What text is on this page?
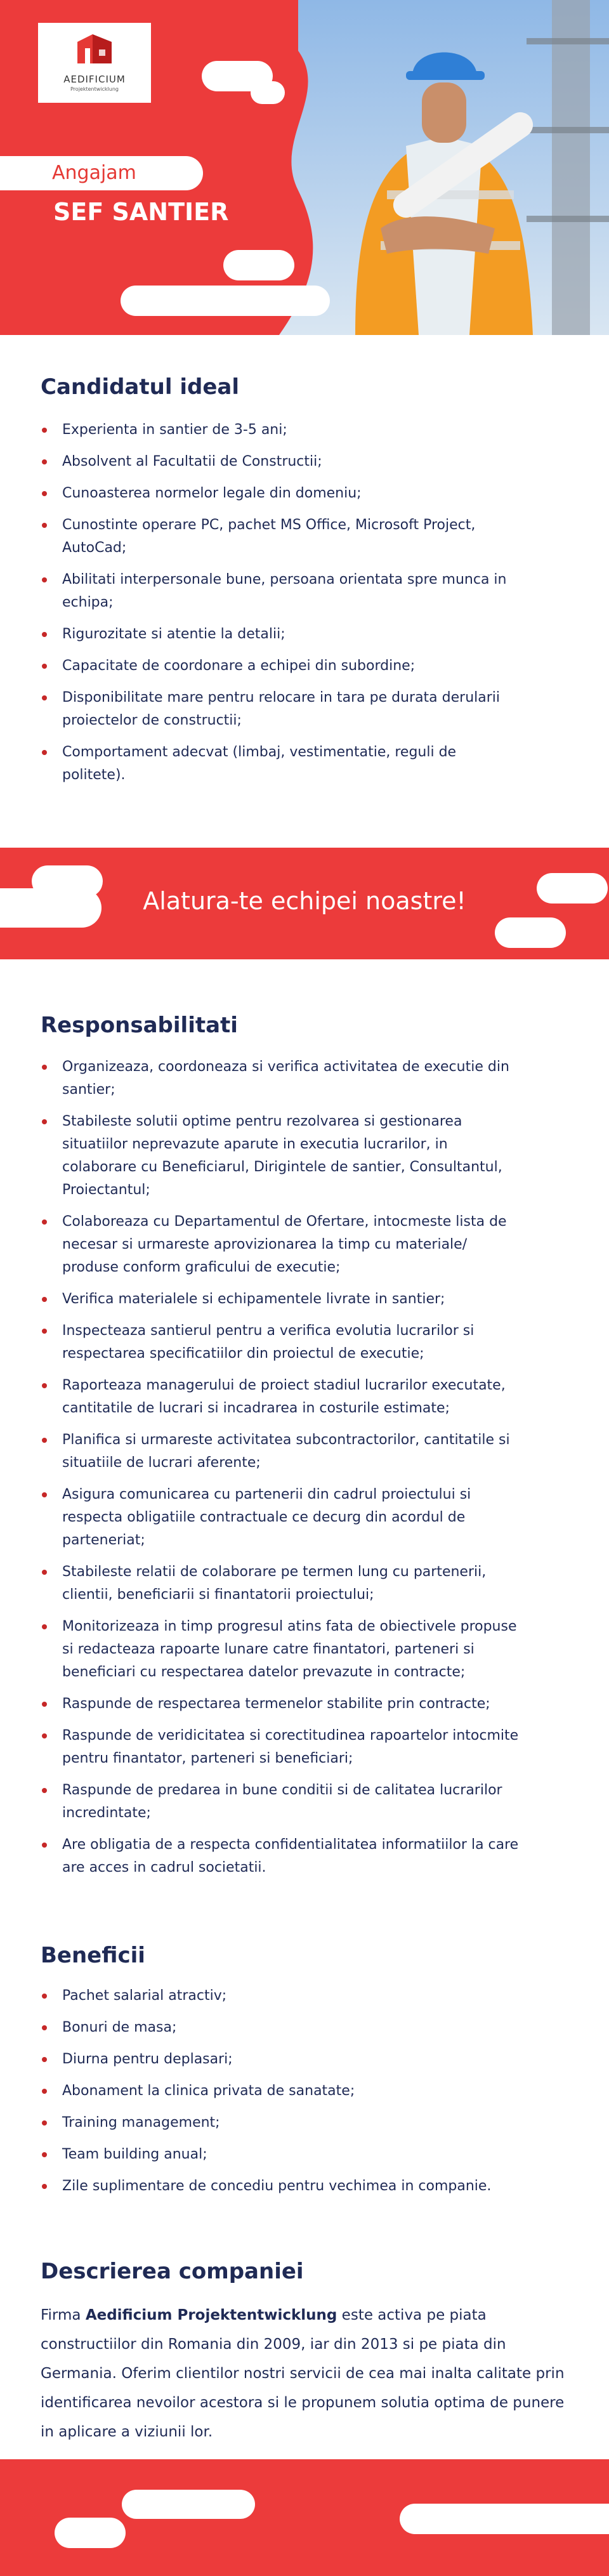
AEDIFICIUM
Projektentwicklung
Angajam
SEF SANTIER
Candidatul ideal
Experienta in santier de 3-5 ani;
Absolvent al Facultatii de Constructii;
Cunoasterea normelor legale din domeniu;
Cunostinte operare PC, pachet MS Office, Microsoft Project, AutoCad;
Abilitati interpersonale bune, persoana orientata spre munca in echipa;
Rigurozitate si atentie la detalii;
Capacitate de coordonare a echipei din subordine;
Disponibilitate mare pentru relocare in tara pe durata derularii proiectelor de constructii;
Comportament adecvat (limbaj, vestimentatie, reguli de politete).
Alatura-te echipei noastre!
Responsabilitati
Organizeaza, coordoneaza si verifica activitatea de executie din santier;
Stabileste solutii optime pentru rezolvarea si gestionarea situatiilor neprevazute aparute in executia lucrarilor, in colaborare cu Beneficiarul, Dirigintele de santier, Consultantul, Proiectantul;
Colaboreaza cu Departamentul de Ofertare, intocmeste lista de necesar si urmareste aprovizionarea la timp cu materiale/ produse conform graficului de executie;
Verifica materialele si echipamentele livrate in santier;
Inspecteaza santierul pentru a verifica evolutia lucrarilor si respectarea specificatiilor din proiectul de executie;
Raporteaza managerului de proiect stadiul lucrarilor executate, cantitatile de lucrari si incadrarea in costurile estimate;
Planifica si urmareste activitatea subcontractorilor, cantitatile si situatiile de lucrari aferente;
Asigura comunicarea cu partenerii din cadrul proiectului si respecta obligatiile contractuale ce decurg din acordul de parteneriat;
Stabileste relatii de colaborare pe termen lung cu partenerii, clientii, beneficiarii si finantatorii proiectului;
Monitorizeaza in timp progresul atins fata de obiectivele propuse si redacteaza rapoarte lunare catre finantatori, parteneri si beneficiari cu respectarea datelor prevazute in contracte;
Raspunde de respectarea termenelor stabilite prin contracte;
Raspunde de veridicitatea si corectitudinea rapoartelor intocmite pentru finantator, parteneri si beneficiari;
Raspunde de predarea in bune conditii si de calitatea lucrarilor incredintate;
Are obligatia de a respecta confidentialitatea informatiilor la care are acces in cadrul societatii.
Beneficii
Pachet salarial atractiv;
Bonuri de masa;
Diurna pentru deplasari;
Abonament la clinica privata de sanatate;
Training management;
Team building anual;
Zile suplimentare de concediu pentru vechimea in companie.
Descrierea companiei

Firma Aedificium Projektentwicklung este activa pe piata constructiilor din Romania din 2009, iar din 2013 si pe piata din Germania. Oferim clientilor nostri servicii de cea mai inalta calitate prin identificarea nevoilor acestora si le propunem solutia optima de punere in aplicare a viziunii lor.
